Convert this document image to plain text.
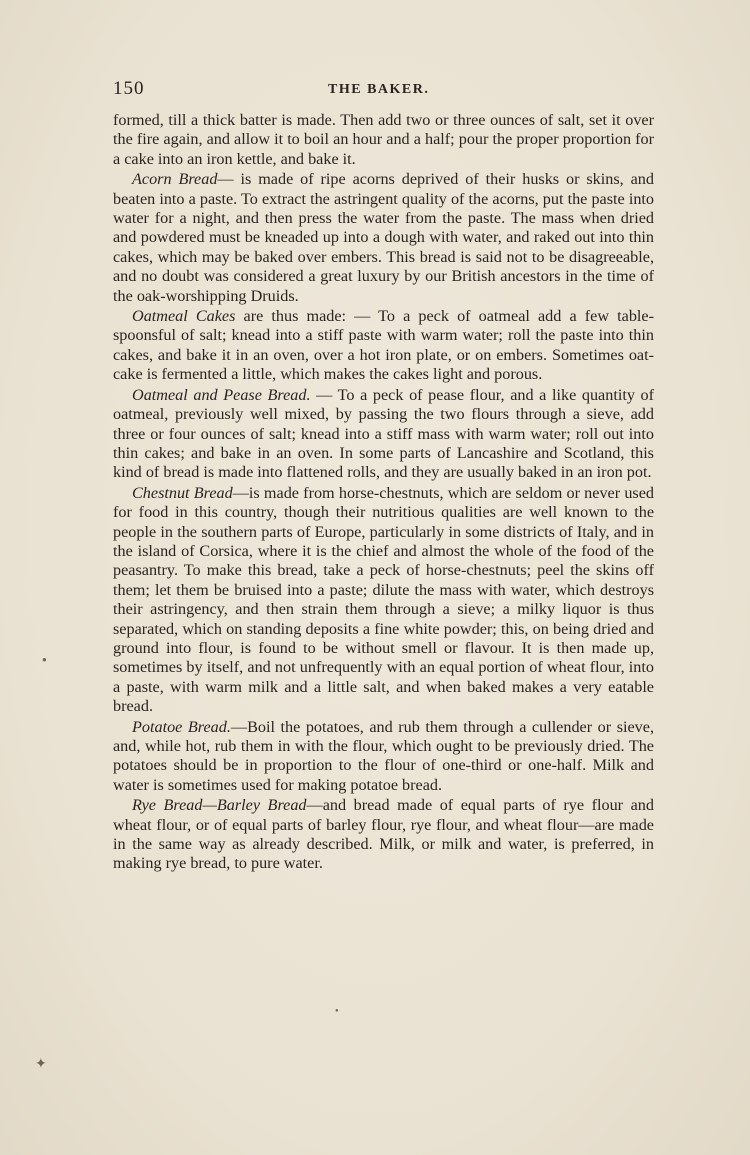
150	THE BAKER.

formed, till a thick batter is made. Then add two or three ounces of salt, set it over the fire again, and allow it to boil an hour and a half; pour the proper proportion for a cake into an iron kettle, and bake it.

Acorn Bread— is made of ripe acorns deprived of their husks or skins, and beaten into a paste. To extract the astringent quality of the acorns, put the paste into water for a night, and then press the water from the paste. The mass when dried and powdered must be kneaded up into a dough with water, and raked out into thin cakes, which may be baked over embers. This bread is said not to be disagreeable, and no doubt was considered a great luxury by our British ancestors in the time of the oak-worshipping Druids.

Oatmeal Cakes are thus made: — To a peck of oatmeal add a few table-spoonsful of salt; knead into a stiff paste with warm water; roll the paste into thin cakes, and bake it in an oven, over a hot iron plate, or on embers. Sometimes oat-cake is fermented a little, which makes the cakes light and porous.

Oatmeal and Pease Bread. — To a peck of pease flour, and a like quantity of oatmeal, previously well mixed, by passing the two flours through a sieve, add three or four ounces of salt; knead into a stiff mass with warm water; roll out into thin cakes; and bake in an oven. In some parts of Lancashire and Scotland, this kind of bread is made into flattened rolls, and they are usually baked in an iron pot.

Chestnut Bread—is made from horse-chestnuts, which are seldom or never used for food in this country, though their nutritious qualities are well known to the people in the southern parts of Europe, particularly in some districts of Italy, and in the island of Corsica, where it is the chief and almost the whole of the food of the peasantry. To make this bread, take a peck of horse-chestnuts; peel the skins off them; let them be bruised into a paste; dilute the mass with water, which destroys their astringency, and then strain them through a sieve; a milky liquor is thus separated, which on standing deposits a fine white powder; this, on being dried and ground into flour, is found to be without smell or flavour. It is then made up, sometimes by itself, and not unfrequently with an equal portion of wheat flour, into a paste, with warm milk and a little salt, and when baked makes a very eatable bread.

Potatoe Bread.—Boil the potatoes, and rub them through a cullender or sieve, and, while hot, rub them in with the flour, which ought to be previously dried. The potatoes should be in proportion to the flour of one-third or one-half. Milk and water is sometimes used for making potatoe bread.

Rye Bread—Barley Bread—and bread made of equal parts of rye flour and wheat flour, or of equal parts of barley flour, rye flour, and wheat flour—are made in the same way as already described. Milk, or milk and water, is preferred, in making rye bread, to pure water.

✦
●
●
